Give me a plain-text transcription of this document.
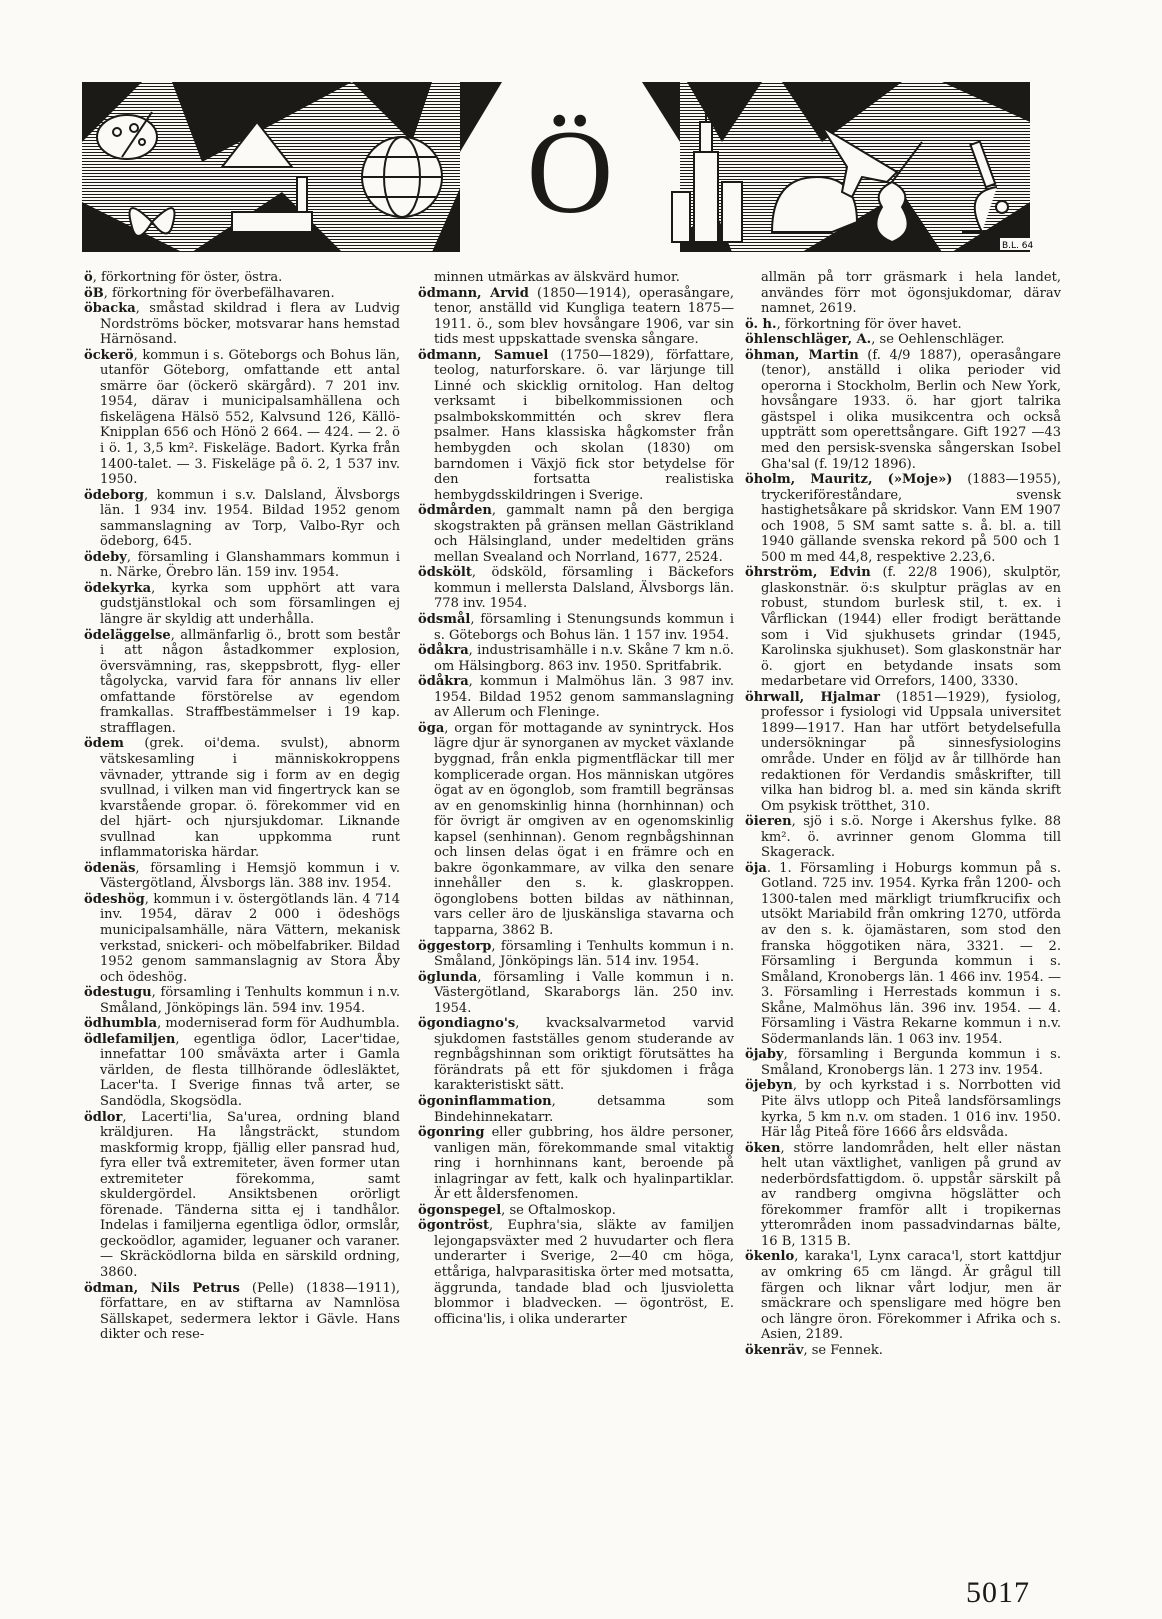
Ö
B.L. 64

ö, förkortning för öster, östra.

öB, förkortning för överbefälhavaren.

öbacka, småstad skildrad i flera av Ludvig Nordströms böcker, motsvarar hans hemstad Härnösand.

öckerö, kommun i s. Göteborgs och Bohus län, utanför Göteborg, omfattande ett antal smärre öar (öckerö skärgård). 7 201 inv. 1954, därav i municipalsamhällena och fiskelägena Hälsö 552, Kalvsund 126, Källö-Knipplan 656 och Hönö 2 664. — 424. — 2. ö i ö. 1, 3,5 km². Fiskeläge. Badort. Kyrka från 1400-talet. — 3. Fiskeläge på ö. 2, 1 537 inv. 1950.

ödeborg, kommun i s.v. Dalsland, Älvsborgs län. 1 934 inv. 1954. Bildad 1952 genom sammanslagning av Torp, Valbo-Ryr och ödeborg, 645.

ödeby, församling i Glanshammars kommun i n. Närke, Örebro län. 159 inv. 1954.

ödekyrka, kyrka som upphört att vara gudstjänstlokal och som församlingen ej längre är skyldig att underhålla.

ödeläggelse, allmänfarlig ö., brott som består i att någon åstadkommer explosion, översvämning, ras, skeppsbrott, flyg- eller tågolycka, varvid fara för annans liv eller omfattande förstörelse av egendom framkallas. Straffbestämmelser i 19 kap. strafflagen.

ödem (grek. oi'dema. svulst), abnorm vätskesamling i människokroppens vävnader, yttrande sig i form av en degig svullnad, i vilken man vid fingertryck kan se kvarstående gropar. ö. förekommer vid en del hjärt- och njursjukdomar. Liknande svullnad kan uppkomma runt inflammatoriska härdar.

ödenäs, församling i Hemsjö kommun i v. Västergötland, Älvsborgs län. 388 inv. 1954.

ödeshög, kommun i v. östergötlands län. 4 714 inv. 1954, därav 2 000 i ödeshögs municipalsamhälle, nära Vättern, mekanisk verkstad, snickeri- och möbelfabriker. Bildad 1952 genom sammanslagnig av Stora Åby och ödeshög.

ödestugu, församling i Tenhults kommun i n.v. Småland, Jönköpings län. 594 inv. 1954.

ödhumbla, moderniserad form för Audhumbla.

ödlefamiljen, egentliga ödlor, Lacer'tidae, innefattar 100 småväxta arter i Gamla världen, de flesta tillhörande ödlesläktet, Lacer'ta. I Sverige finnas två arter, se Sandödla, Skogsödla.

ödlor, Lacerti'lia, Sa'urea, ordning bland kräldjuren. Ha långsträckt, stundom maskformig kropp, fjällig eller pansrad hud, fyra eller två extremiteter, även former utan extremiteter förekomma, samt skuldergördel. Ansiktsbenen orörligt förenade. Tänderna sitta ej i tandhålor. Indelas i familjerna egentliga ödlor, ormslår, geckoödlor, agamider, leguaner och varaner. — Skräcködlorna bilda en särskild ordning, 3860.

ödman, Nils Petrus (Pelle) (1838—1911), författare, en av stiftarna av Namnlösa Sällskapet, sedermera lektor i Gävle. Hans dikter och rese-

minnen utmärkas av älskvärd humor.

ödmann, Arvid (1850—1914), operasångare, tenor, anställd vid Kungliga teatern 1875—1911. ö., som blev hovsångare 1906, var sin tids mest uppskattade svenska sångare.

ödmann, Samuel (1750—1829), författare, teolog, naturforskare. ö. var lärjunge till Linné och skicklig ornitolog. Han deltog verksamt i bibelkommissionen och psalmbokskommittén och skrev flera psalmer. Hans klassiska hågkomster från hembygden och skolan (1830) om barndomen i Växjö fick stor betydelse för den fortsatta realistiska hembygdsskildringen i Sverige.

ödmården, gammalt namn på den bergiga skogstrakten på gränsen mellan Gästrikland och Hälsingland, under medeltiden gräns mellan Svealand och Norrland, 1677, 2524.

ödskölt, ödsköld, församling i Bäckefors kommun i mellersta Dalsland, Älvsborgs län. 778 inv. 1954.

ödsmål, församling i Stenungsunds kommun i s. Göteborgs och Bohus län. 1 157 inv. 1954.

ödåkra, industrisamhälle i n.v. Skåne 7 km n.ö. om Hälsingborg. 863 inv. 1950. Spritfabrik.

ödåkra, kommun i Malmöhus län. 3 987 inv. 1954. Bildad 1952 genom sammanslagning av Allerum och Fleninge.

öga, organ för mottagande av synintryck. Hos lägre djur är synorganen av mycket växlande byggnad, från enkla pigmentfläckar till mer komplicerade organ. Hos människan utgöres ögat av en ögonglob, som framtill begränsas av en genomskinlig hinna (hornhinnan) och för övrigt är omgiven av en ogenomskinlig kapsel (senhinnan). Genom regnbågshinnan och linsen delas ögat i en främre och en bakre ögonkammare, av vilka den senare innehåller den s. k. glaskroppen. ögonglobens botten bildas av näthinnan, vars celler äro de ljuskänsliga stavarna och tapparna, 3862 B.

öggestorp, församling i Tenhults kommun i n. Småland, Jönköpings län. 514 inv. 1954.

öglunda, församling i Valle kommun i n. Västergötland, Skaraborgs län. 250 inv. 1954.

ögondiagno's, kvacksalvarmetod varvid sjukdomen fastställes genom studerande av regnbågshinnan som oriktigt förutsättes ha förändrats på ett för sjukdomen i fråga karakteristiskt sätt.

ögoninflammation, detsamma som Bindehinnekatarr.

ögonring eller gubbring, hos äldre personer, vanligen män, förekommande smal vitaktig ring i hornhinnans kant, beroende på inlagringar av fett, kalk och hyalinpartiklar. Är ett åldersfenomen.

ögonspegel, se Oftalmoskop.

ögontröst, Euphra'sia, släkte av familjen lejongapsväxter med 2 huvudarter och flera underarter i Sverige, 2—40 cm höga, ettåriga, halvparasitiska örter med motsatta, äggrunda, tandade blad och ljusvioletta blommor i bladvecken. — ögontröst, E. officina'lis, i olika underarter

allmän på torr gräsmark i hela landet, användes förr mot ögonsjukdomar, därav namnet, 2619.

ö. h., förkortning för över havet.

öhlenschläger, A., se Oehlenschläger.

öhman, Martin (f. 4/9 1887), operasångare (tenor), anställd i olika perioder vid operorna i Stockholm, Berlin och New York, hovsångare 1933. ö. har gjort talrika gästspel i olika musikcentra och också uppträtt som operettsångare. Gift 1927 —43 med den persisk-svenska sångerskan Isobel Gha'sal (f. 19/12 1896).

öholm, Mauritz, (»Moje») (1883—1955), tryckeriföreståndare, svensk hastighetsåkare på skridskor. Vann EM 1907 och 1908, 5 SM samt satte s. å. bl. a. till 1940 gällande svenska rekord på 500 och 1 500 m med 44,8, respektive 2.23,6.

öhrström, Edvin (f. 22/8 1906), skulptör, glaskonstnär. ö:s skulptur präglas av en robust, stundom burlesk stil, t. ex. i Vårflickan (1944) eller frodigt berättande som i Vid sjukhusets grindar (1945, Karolinska sjukhuset). Som glaskonstnär har ö. gjort en betydande insats som medarbetare vid Orrefors, 1400, 3330.

öhrwall, Hjalmar (1851—1929), fysiolog, professor i fysiologi vid Uppsala universitet 1899—1917. Han har utfört betydelsefulla undersökningar på sinnesfysiologins område. Under en följd av år tillhörde han redaktionen för Verdandis småskrifter, till vilka han bidrog bl. a. med sin kända skrift Om psykisk trötthet, 310.

öieren, sjö i s.ö. Norge i Akershus fylke. 88 km². ö. avrinner genom Glomma till Skagerack.

öja. 1. Församling i Hoburgs kommun på s. Gotland. 725 inv. 1954. Kyrka från 1200- och 1300-talen med märkligt triumfkrucifix och utsökt Mariabild från omkring 1270, utförda av den s. k. öjamästaren, som stod den franska höggotiken nära, 3321. — 2. Församling i Bergunda kommun i s. Småland, Kronobergs län. 1 466 inv. 1954. — 3. Församling i Herrestads kommun i s. Skåne, Malmöhus län. 396 inv. 1954. — 4. Församling i Västra Rekarne kommun i n.v. Södermanlands län. 1 063 inv. 1954.

öjaby, församling i Bergunda kommun i s. Småland, Kronobergs län. 1 273 inv. 1954.

öjebyn, by och kyrkstad i s. Norrbotten vid Pite älvs utlopp och Piteå landsförsamlings kyrka, 5 km n.v. om staden. 1 016 inv. 1950. Här låg Piteå före 1666 års eldsvåda.

öken, större landområden, helt eller nästan helt utan växtlighet, vanligen på grund av nederbördsfattigdom. ö. uppstår särskilt på av randberg omgivna högslätter och förekommer framför allt i tropikernas ytterområden inom passadvindarnas bälte, 16 B, 1315 B.

ökenlo, karaka'l, Lynx caraca'l, stort kattdjur av omkring 65 cm längd. Är grågul till färgen och liknar vårt lodjur, men är smäckrare och spensligare med högre ben och längre öron. Förekommer i Afrika och s. Asien, 2189.

ökenräv, se Fennek.

5017
